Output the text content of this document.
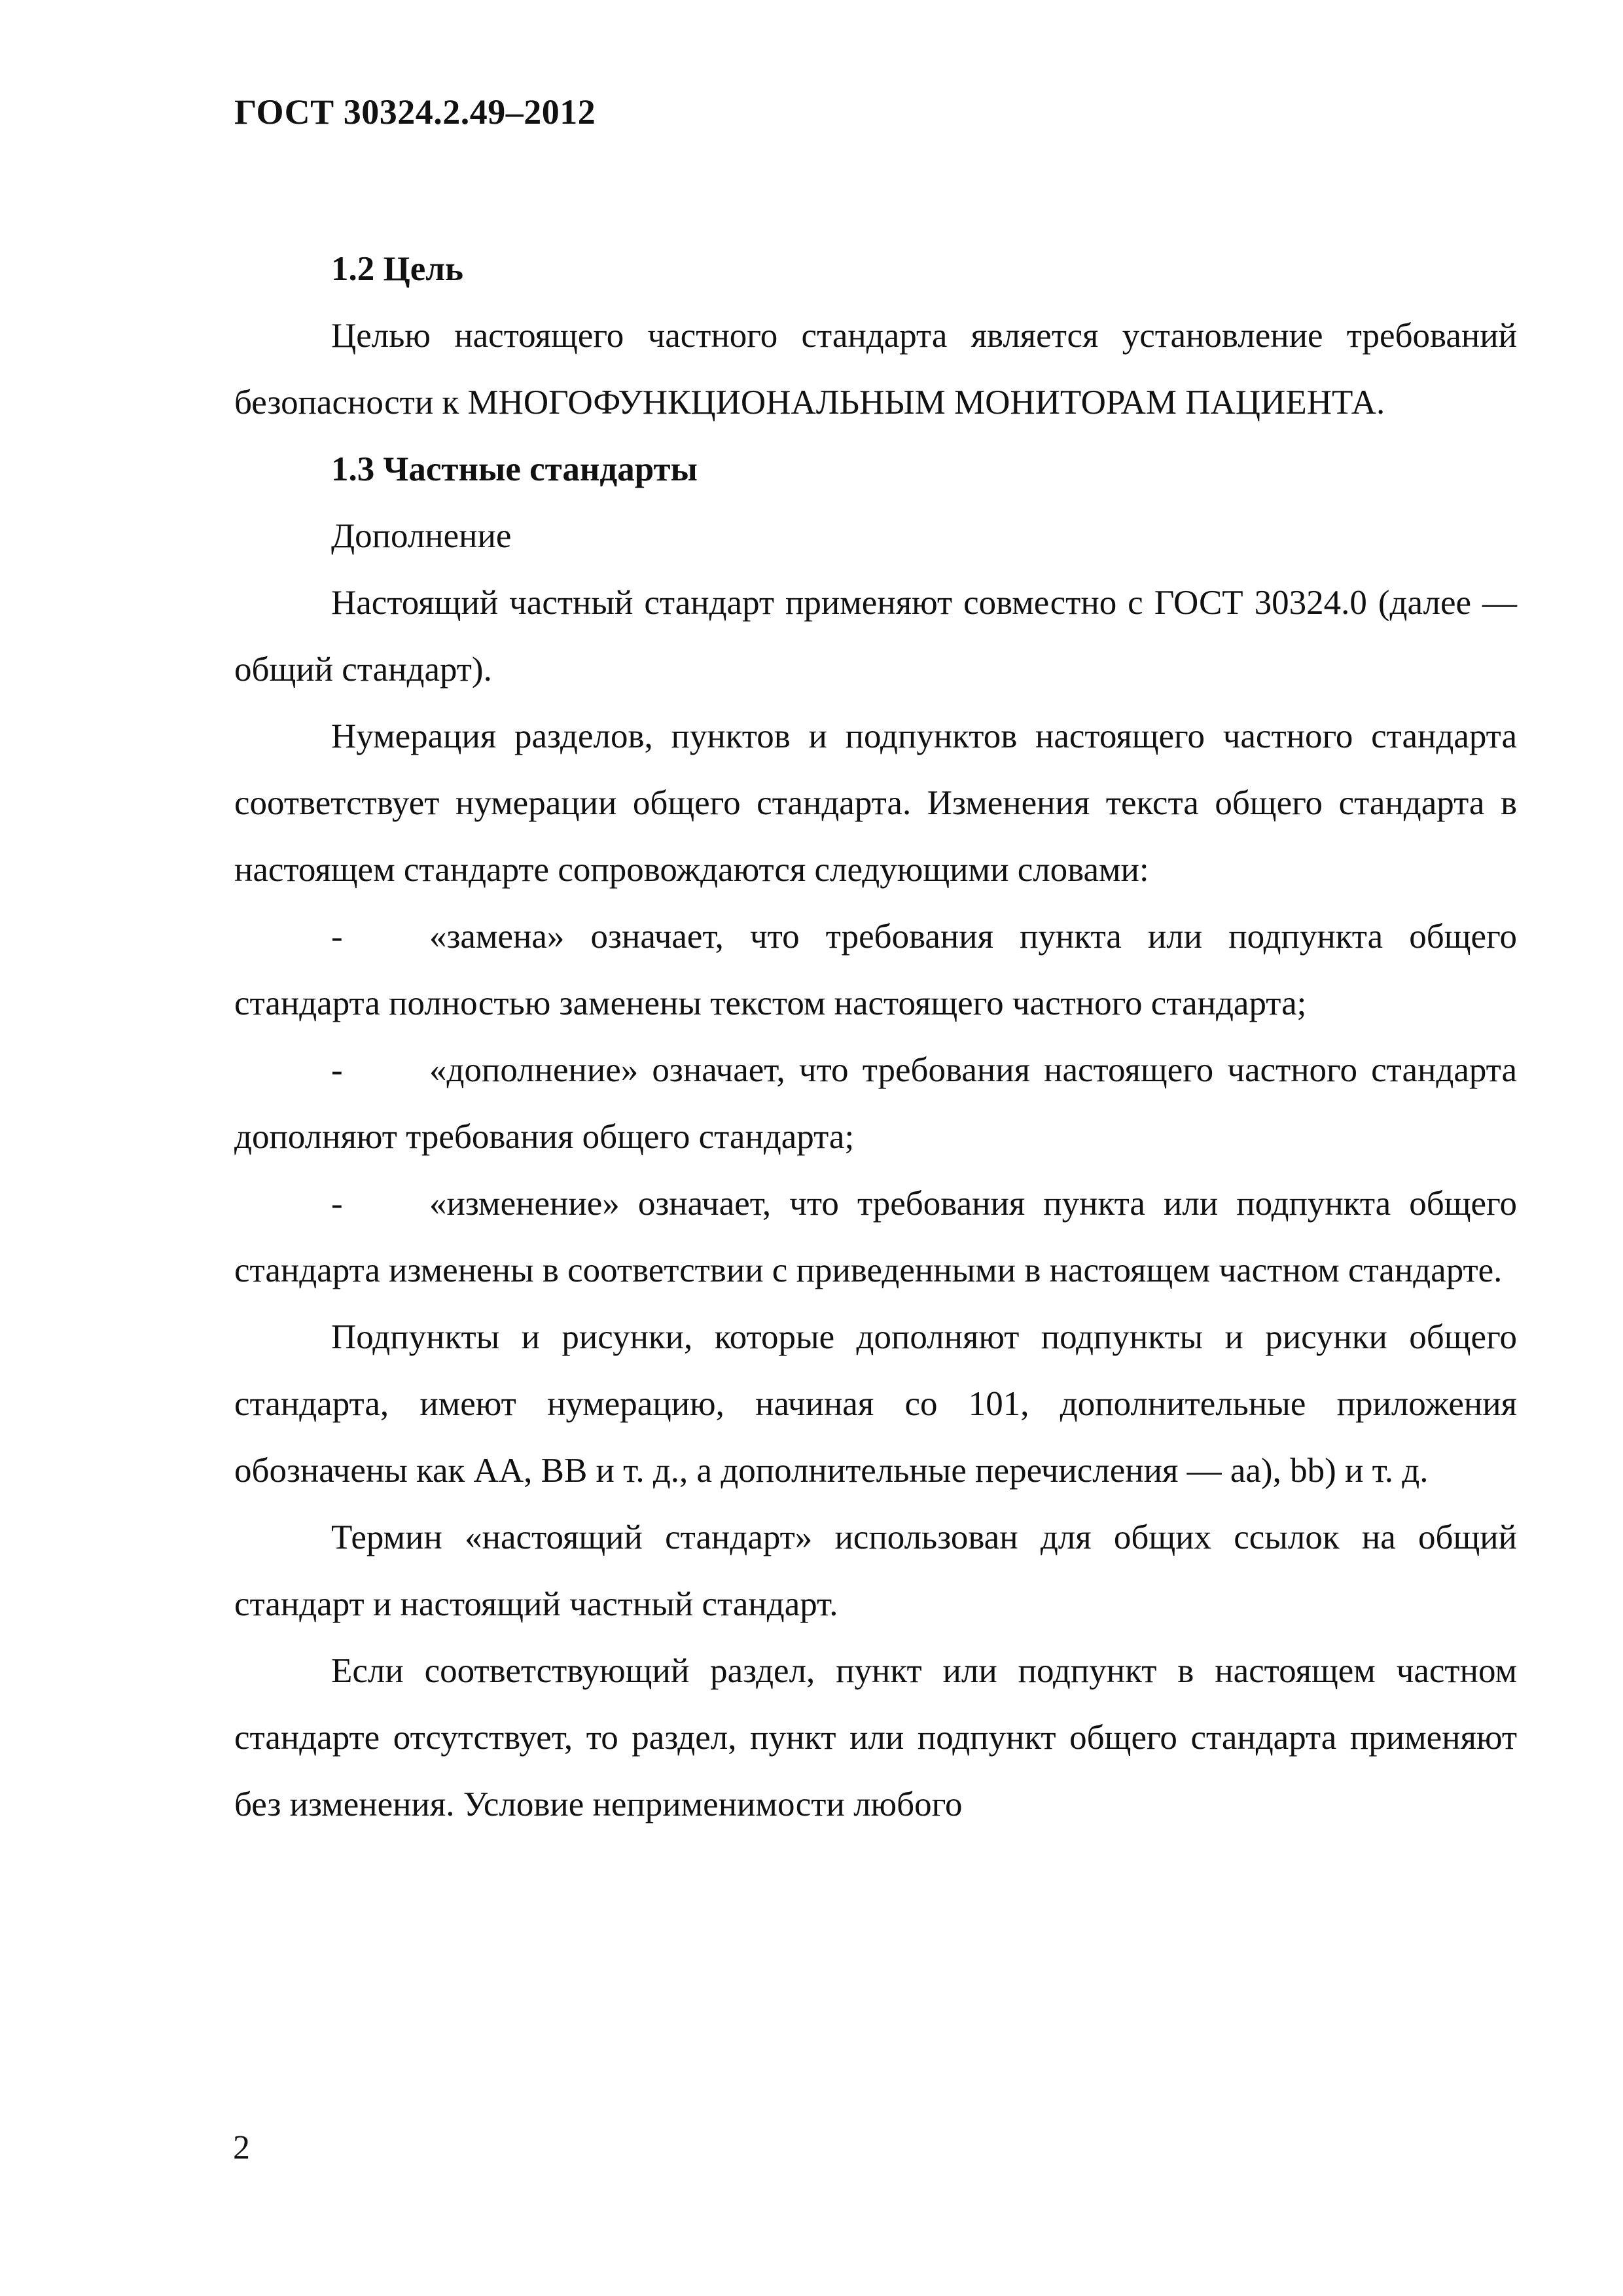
ГОСТ 30324.2.49–2012

1.2 Цель

Целью настоящего частного стандарта является установление требований безопасности к МНОГОФУНКЦИОНАЛЬНЫМ МОНИТОРАМ ПАЦИЕНТА.

1.3 Частные стандарты

Дополнение

Настоящий частный стандарт применяют совместно с ГОСТ 30324.0 (далее — общий стандарт).

Нумерация разделов, пунктов и подпунктов настоящего частного стандарта соответствует нумерации общего стандарта. Изменения текста общего стандарта в настоящем стандарте сопровождаются следующими словами:

- «замена» означает, что требования пункта или подпункта общего стандарта полностью заменены текстом настоящего частного стандарта;

- «дополнение» означает, что требования настоящего частного стандарта дополняют требования общего стандарта;

- «изменение» означает, что требования пункта или подпункта общего стандарта изменены в соответствии с приведенными в настоящем частном стандарте.

Подпункты и рисунки, которые дополняют подпункты и рисунки общего стандарта, имеют нумерацию, начиная со 101, дополнительные приложения обозначены как АА, ВВ и т. д., а дополнительные перечисления — аа), bb) и т. д.

Термин «настоящий стандарт» использован для общих ссылок на общий стандарт и настоящий частный стандарт.

Если соответствующий раздел, пункт или подпункт в настоящем частном стандарте отсутствует, то раздел, пункт или подпункт общего стандарта применяют без изменения. Условие неприменимости любого

2
